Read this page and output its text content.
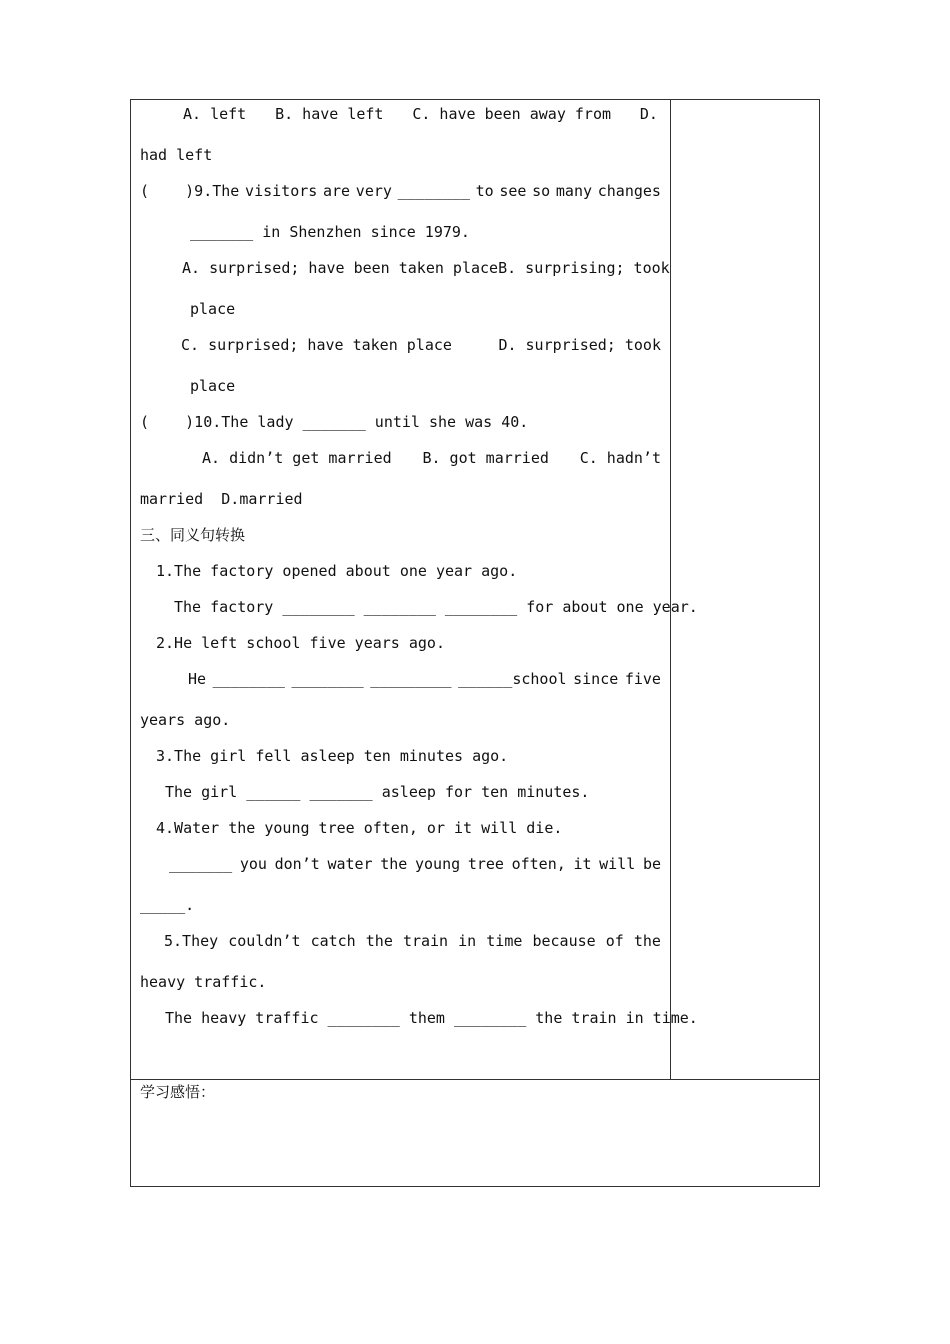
A. left B. have left C. have been away from D.
had left
(    )9.The visitors are very ________ to see so many changes
_______ in Shenzhen since 1979.
A. surprised; have been taken place B. surprising; took
place
C. surprised; have taken place	D. surprised; took
place
(    )10.The lady _______ until she was 40.
A. didn’t get married B. got married C. hadn’t
married  D.married
三、同义句转换
1.The factory opened about one year ago.
The factory ________ ________ ________ for about one year.
2.He left school five years ago.
He ________ ________ _________ ______school since five
years ago.
3.The girl fell asleep ten minutes ago.
The girl ______ _______ asleep for ten minutes.
4.Water the young tree often, or it will die.
_______ you don’t water the young tree often, it will be
_____.
5.They couldn’t catch the train in time because of the
heavy traffic.
The heavy traffic ________ them ________ the train in time.
学习感悟：
